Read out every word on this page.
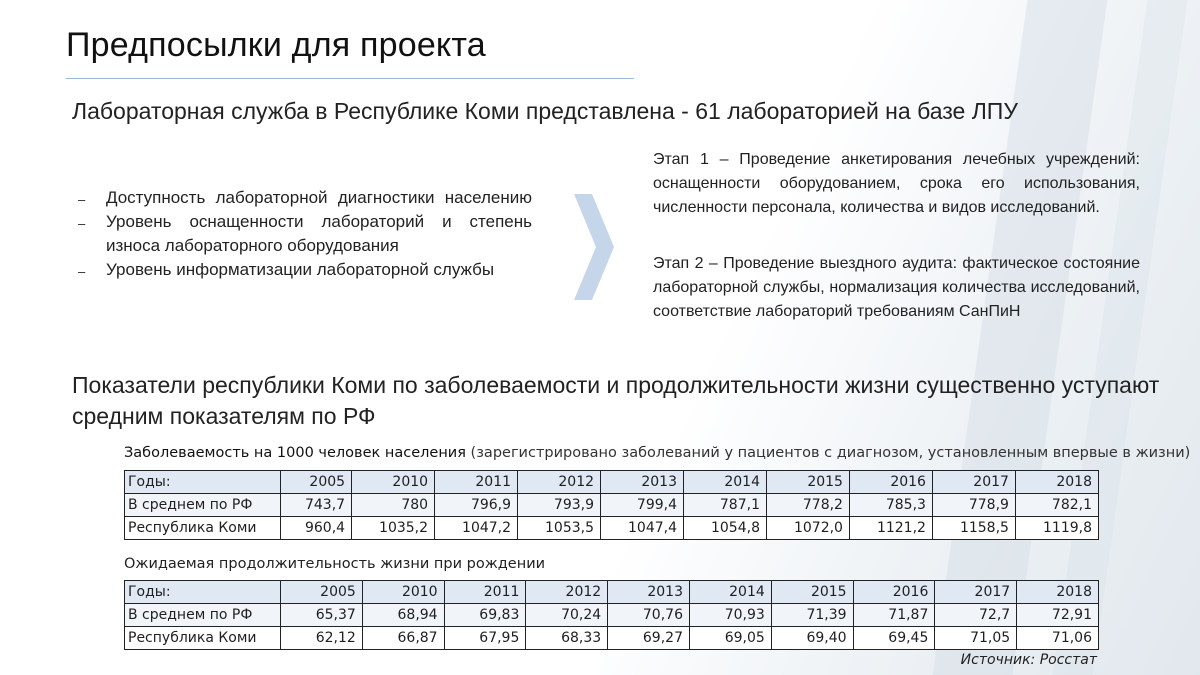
Предпосылки для проекта
Лабораторная служба в Республике Коми представлена - 61 лабораторией на базе ЛПУ
– Доступность лабораторной диагностики населению
– Уровень оснащенности лабораторий и степень износа лабораторного оборудования
– Уровень информатизации лабораторной службы
Этап 1 – Проведение анкетирования лечебных учреждений: оснащенности оборудованием, срока его использования, численности персонала, количества и видов исследований.
Этап 2 – Проведение выездного аудита: фактическое состояние лабораторной службы, нормализация количества исследований, соответствие лабораторий требованиям СанПиН
Показатели республики Коми по заболеваемости и продолжительности жизни существенно уступают средним показателям по РФ
Заболеваемость на 1000 человек населения (зарегистрировано заболеваний у пациентов с диагнозом, установленным впервые в жизни)
Годы:	2005	2010	2011	2012	2013	2014	2015	2016	2017	2018
В среднем по РФ	743,7	780	796,9	793,9	799,4	787,1	778,2	785,3	778,9	782,1
Республика Коми	960,4	1035,2	1047,2	1053,5	1047,4	1054,8	1072,0	1121,2	1158,5	1119,8
Ожидаемая продолжительность жизни при рождении
Годы:	2005	2010	2011	2012	2013	2014	2015	2016	2017	2018
В среднем по РФ	65,37	68,94	69,83	70,24	70,76	70,93	71,39	71,87	72,7	72,91
Республика Коми	62,12	66,87	67,95	68,33	69,27	69,05	69,40	69,45	71,05	71,06
Источник: Росстат
